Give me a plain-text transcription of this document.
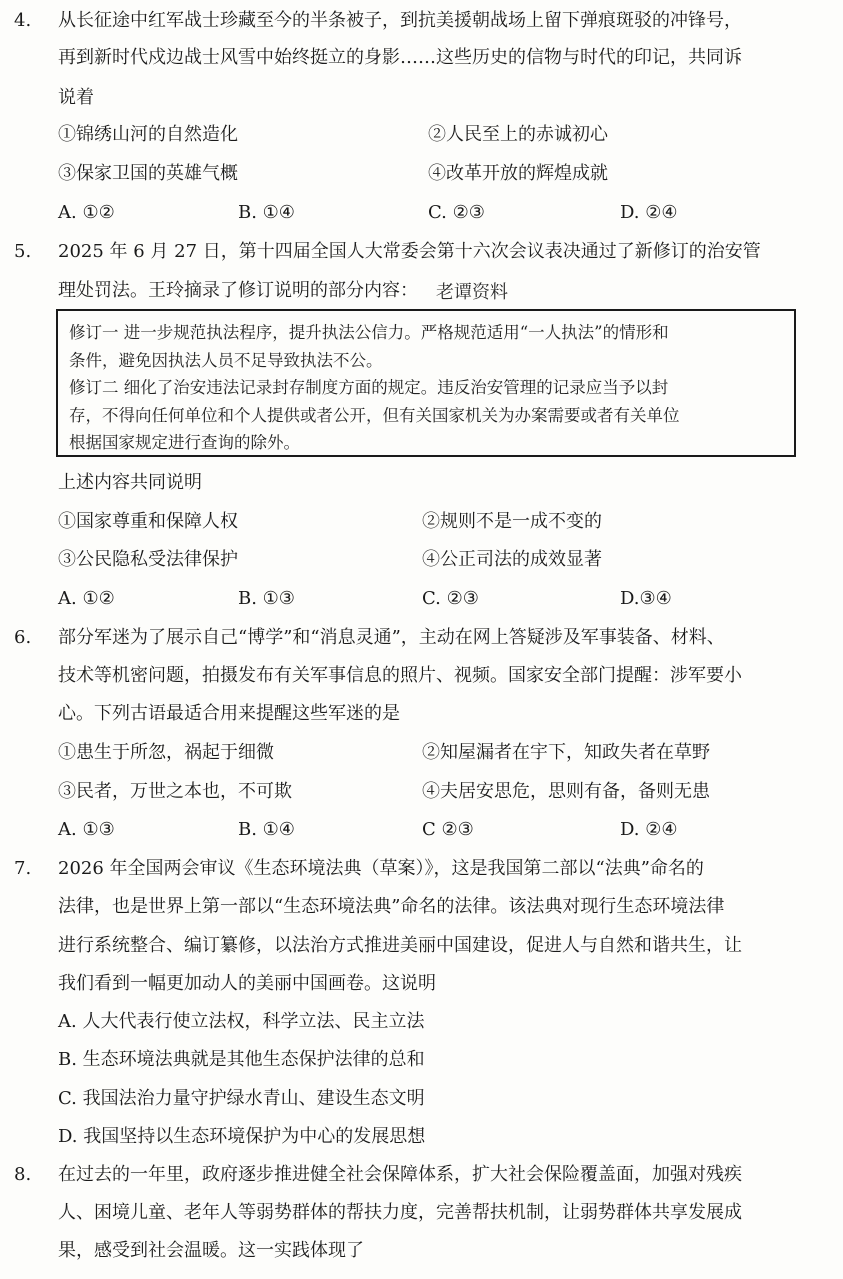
4. 从长征途中红军战士珍藏至今的半条被子，到抗美援朝战场上留下弹痕斑驳的冲锋号，
再到新时代戍边战士风雪中始终挺立的身影……这些历史的信物与时代的印记，共同诉
说着
①锦绣山河的自然造化	②人民至上的赤诚初心
③保家卫国的英雄气概	④改革开放的辉煌成就
A. ①②	B. ①④	C. ②③	D. ②④
5. 2025 年 6 月 27 日，第十四届全国人大常委会第十六次会议表决通过了新修订的治安管
理处罚法。王玲摘录了修订说明的部分内容： 老谭资料
修订一 进一步规范执法程序，提升执法公信力。严格规范适用“一人执法”的情形和
条件，避免因执法人员不足导致执法不公。
修订二 细化了治安违法记录封存制度方面的规定。违反治安管理的记录应当予以封
存，不得向任何单位和个人提供或者公开，但有关国家机关为办案需要或者有关单位
根据国家规定进行查询的除外。
上述内容共同说明
①国家尊重和保障人权	②规则不是一成不变的
③公民隐私受法律保护	④公正司法的成效显著
A. ①②	B. ①③	C. ②③	D.③④
6. 部分军迷为了展示自己“博学”和“消息灵通”，主动在网上答疑涉及军事装备、材料、
技术等机密问题，拍摄发布有关军事信息的照片、视频。国家安全部门提醒：涉军要小
心。下列古语最适合用来提醒这些军迷的是
①患生于所忽，祸起于细微	②知屋漏者在宇下，知政失者在草野
③民者，万世之本也，不可欺	④夫居安思危，思则有备，备则无患
A. ①③	B. ①④	C ②③	D. ②④
7. 2026 年全国两会审议《生态环境法典（草案）》，这是我国第二部以“法典”命名的
法律，也是世界上第一部以“生态环境法典”命名的法律。该法典对现行生态环境法律
进行系统整合、编订纂修，以法治方式推进美丽中国建设，促进人与自然和谐共生，让
我们看到一幅更加动人的美丽中国画卷。这说明
A. 人大代表行使立法权，科学立法、民主立法
B. 生态环境法典就是其他生态保护法律的总和
C. 我国法治力量守护绿水青山、建设生态文明
D. 我国坚持以生态环境保护为中心的发展思想
8. 在过去的一年里，政府逐步推进健全社会保障体系，扩大社会保险覆盖面，加强对残疾
人、困境儿童、老年人等弱势群体的帮扶力度，完善帮扶机制，让弱势群体共享发展成
果，感受到社会温暖。这一实践体现了
